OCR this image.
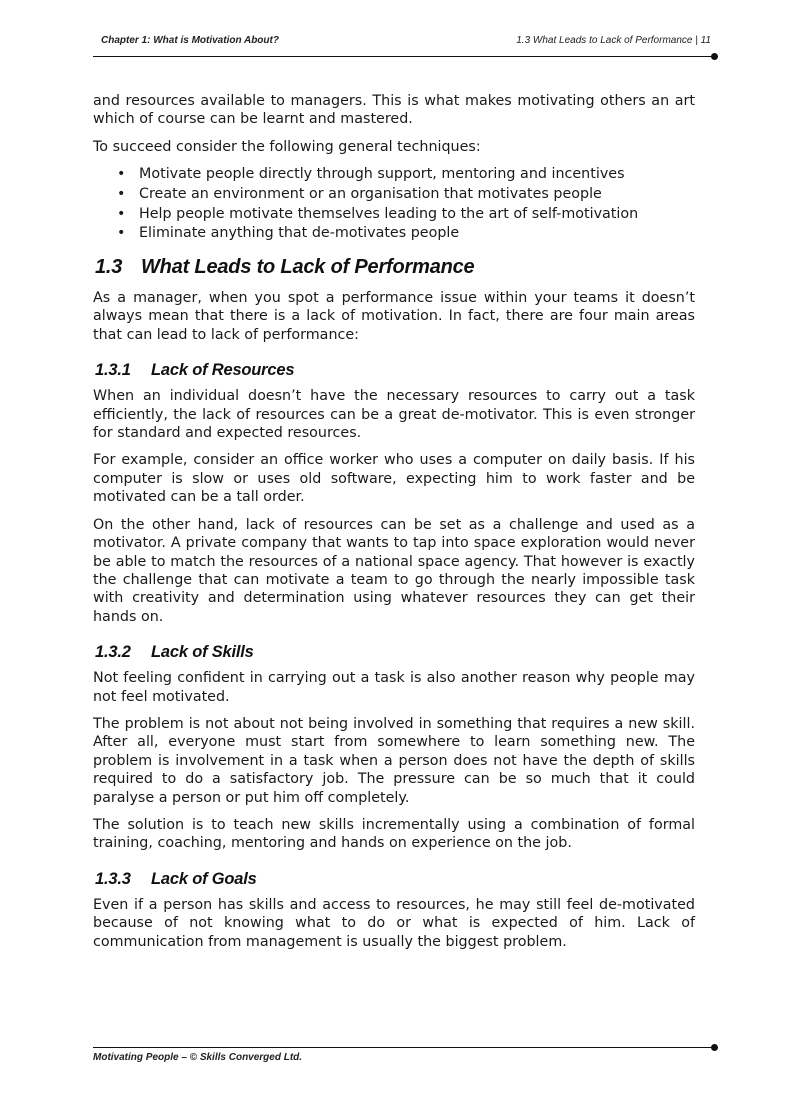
Chapter 1: What is Motivation About?	1.3 What Leads to Lack of Performance | 11

and resources available to managers. This is what makes motivating others an art which of course can be learnt and mastered.

To succeed consider the following general techniques:

• Motivate people directly through support, mentoring and incentives
• Create an environment or an organisation that motivates people
• Help people motivate themselves leading to the art of self-motivation
• Eliminate anything that de-motivates people
1.3 What Leads to Lack of Performance

As a manager, when you spot a performance issue within your teams it doesn’t always mean that there is a lack of motivation. In fact, there are four main areas that can lead to lack of performance:

1.3.1 Lack of Resources

When an individual doesn’t have the necessary resources to carry out a task efficiently, the lack of resources can be a great de-motivator. This is even stronger for standard and expected resources.

For example, consider an office worker who uses a computer on daily basis. If his computer is slow or uses old software, expecting him to work faster and be motivated can be a tall order.

On the other hand, lack of resources can be set as a challenge and used as a motivator. A private company that wants to tap into space exploration would never be able to match the resources of a national space agency. That however is exactly the challenge that can motivate a team to go through the nearly impossible task with creativity and determination using whatever resources they can get their hands on.

1.3.2 Lack of Skills

Not feeling confident in carrying out a task is also another reason why people may not feel motivated.

The problem is not about not being involved in something that requires a new skill. After all, everyone must start from somewhere to learn something new. The problem is involvement in a task when a person does not have the depth of skills required to do a satisfactory job. The pressure can be so much that it could paralyse a person or put him off completely.

The solution is to teach new skills incrementally using a combination of formal training, coaching, mentoring and hands on experience on the job.

1.3.3 Lack of Goals

Even if a person has skills and access to resources, he may still feel de-motivated because of not knowing what to do or what is expected of him. Lack of communication from management is usually the biggest problem.

Motivating People – © Skills Converged Ltd.
